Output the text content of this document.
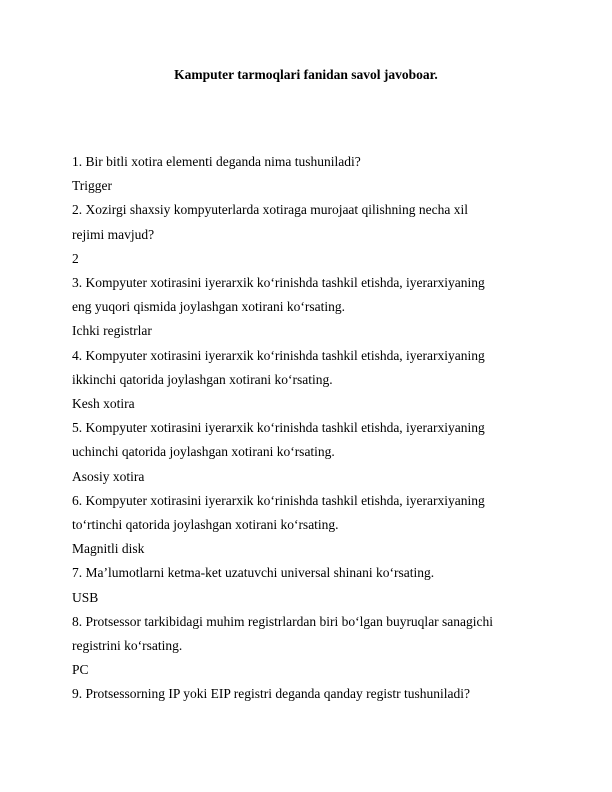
Kamputer tarmoqlari fanidan savol javoboar.
1. Bir bitli xotira elementi deganda nima tushuniladi?
Trigger
2. Xozirgi shaxsiy kompyuterlarda xotiraga murojaat qilishning necha xil
rejimi mavjud?
2
3. Kompyuter xotirasini iyerarxik ko‘rinishda tashkil etishda, iyerarxiyaning
eng yuqori qismida joylashgan xotirani ko‘rsating.
Ichki registrlar
4. Kompyuter xotirasini iyerarxik ko‘rinishda tashkil etishda, iyerarxiyaning
ikkinchi qatorida joylashgan xotirani ko‘rsating.
Kesh xotira
5. Kompyuter xotirasini iyerarxik ko‘rinishda tashkil etishda, iyerarxiyaning
uchinchi qatorida joylashgan xotirani ko‘rsating.
Asosiy xotira
6. Kompyuter xotirasini iyerarxik ko‘rinishda tashkil etishda, iyerarxiyaning
to‘rtinchi qatorida joylashgan xotirani ko‘rsating.
Magnitli disk
7. Ma’lumotlarni ketma-ket uzatuvchi universal shinani ko‘rsating.
USB
8. Protsessor tarkibidagi muhim registrlardan biri bo‘lgan buyruqlar sanagichi
registrini ko‘rsating.
PC
9. Protsessorning IP yoki EIP registri deganda qanday registr tushuniladi?
